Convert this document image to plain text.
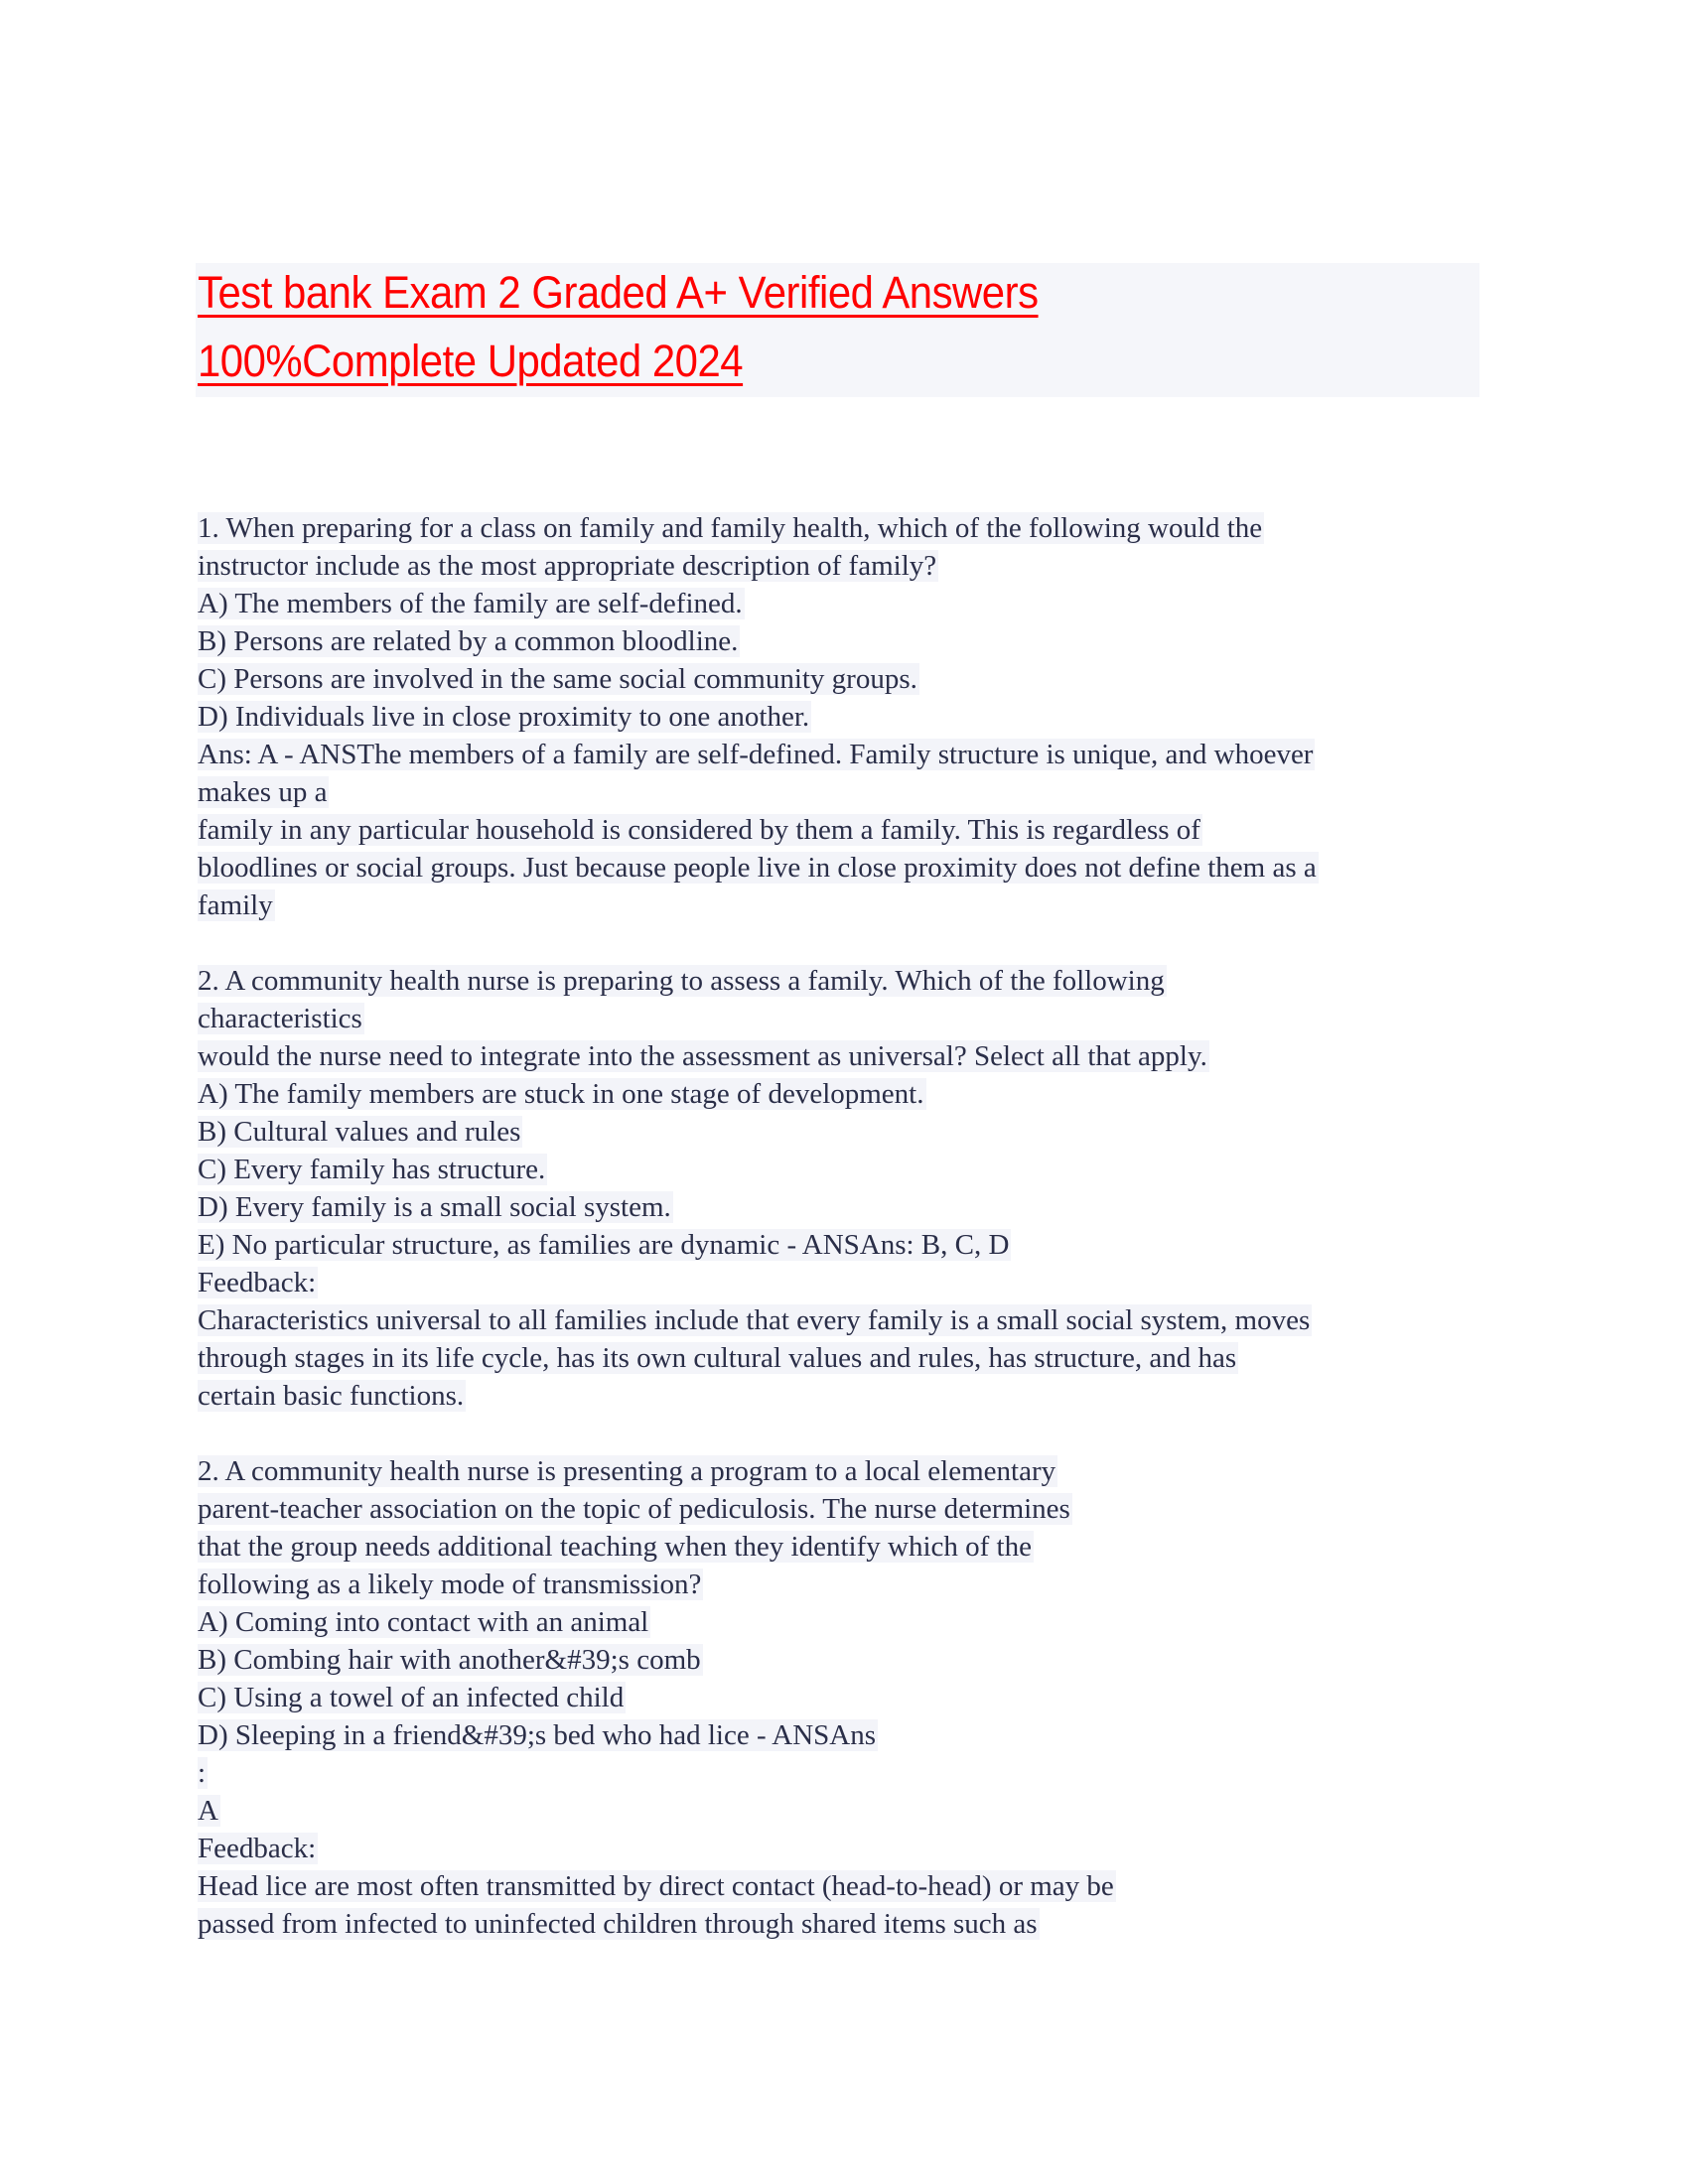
Test bank Exam 2 Graded A+ Verified Answers
100%Complete Updated 2024
1. When preparing for a class on family and family health, which of the following would the
instructor include as the most appropriate description of family?
A) The members of the family are self-defined.
B) Persons are related by a common bloodline.
C) Persons are involved in the same social community groups.
D) Individuals live in close proximity to one another.
Ans: A - ANSThe members of a family are self-defined. Family structure is unique, and whoever
makes up a
family in any particular household is considered by them a family. This is regardless of
bloodlines or social groups. Just because people live in close proximity does not define them as a
family
2. A community health nurse is preparing to assess a family. Which of the following
characteristics
would the nurse need to integrate into the assessment as universal? Select all that apply.
A) The family members are stuck in one stage of development.
B) Cultural values and rules
C) Every family has structure.
D) Every family is a small social system.
E) No particular structure, as families are dynamic - ANSAns: B, C, D
Feedback:
Characteristics universal to all families include that every family is a small social system, moves
through stages in its life cycle, has its own cultural values and rules, has structure, and has
certain basic functions.
2. A community health nurse is presenting a program to a local elementary
parent-teacher association on the topic of pediculosis. The nurse determines
that the group needs additional teaching when they identify which of the
following as a likely mode of transmission?
A) Coming into contact with an animal
B) Combing hair with another&#39;s comb
C) Using a towel of an infected child
D) Sleeping in a friend&#39;s bed who had lice - ANSAns
:
A
Feedback:
Head lice are most often transmitted by direct contact (head-to-head) or may be
passed from infected to uninfected children through shared items such as
